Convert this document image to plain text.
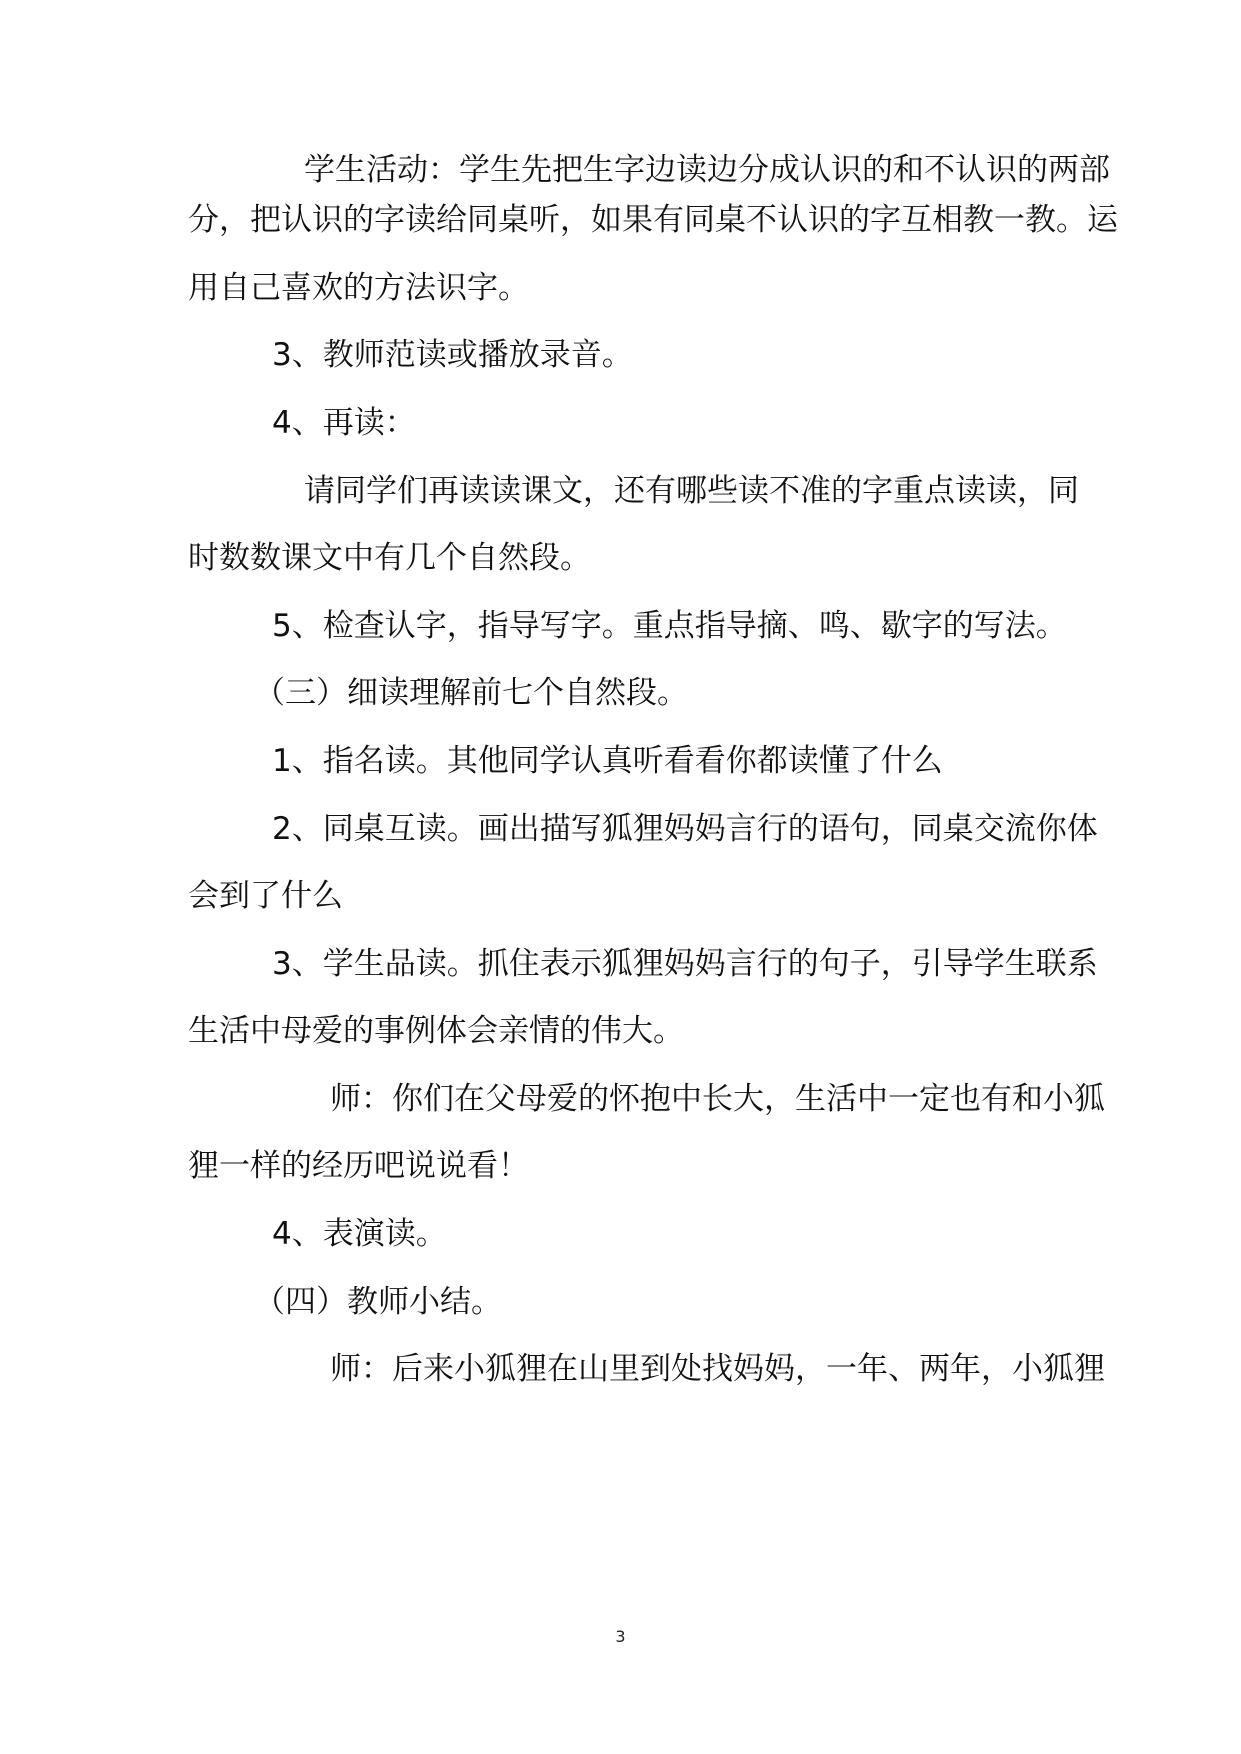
学 生 活 动 ： 学 生 先 把 生 字 边 读 边 分 成 认 识 的 和 不 认 识 的 两 部
分 ， 把 认 识 的 字 读 给 同 桌 听 ， 如 果 有 同 桌 不 认 识 的 字 互 相 教 一 教 。 运
用自己喜欢的方法识字。
3、教师范读或播放录音。
4、再读：
请 同 学 们 再 读 读 课 文 ， 还 有 哪 些 读 不 准 的 字 重 点 读 读 ， 同
时数数课文中有几个自然段。
5、检查认字，指导写字。重点指导摘、鸣、歇字的写法。
（三）细读理解前七个自然段。
1、指名读。其他同学认真听看看你都读懂了什么
2 、 同 桌 互 读 。 画 出 描 写 狐 狸 妈 妈 言 行 的 语 句 ， 同 桌 交 流 你 体
会到了什么
3 、 学 生 品 读 。 抓 住 表 示 狐 狸 妈 妈 言 行 的 句 子 ， 引 导 学 生 联 系
生活中母爱的事例体会亲情的伟大。
师 ： 你 们 在 父 母 爱 的 怀 抱 中 长 大 ， 生 活 中 一 定 也 有 和 小 狐
狸一样的经历吧说说看！
4、表演读。
（四）教师小结。
师 ： 后 来 小 狐 狸 在 山 里 到 处 找 妈 妈 ， 一 年 、 两 年 ， 小 狐 狸
3
